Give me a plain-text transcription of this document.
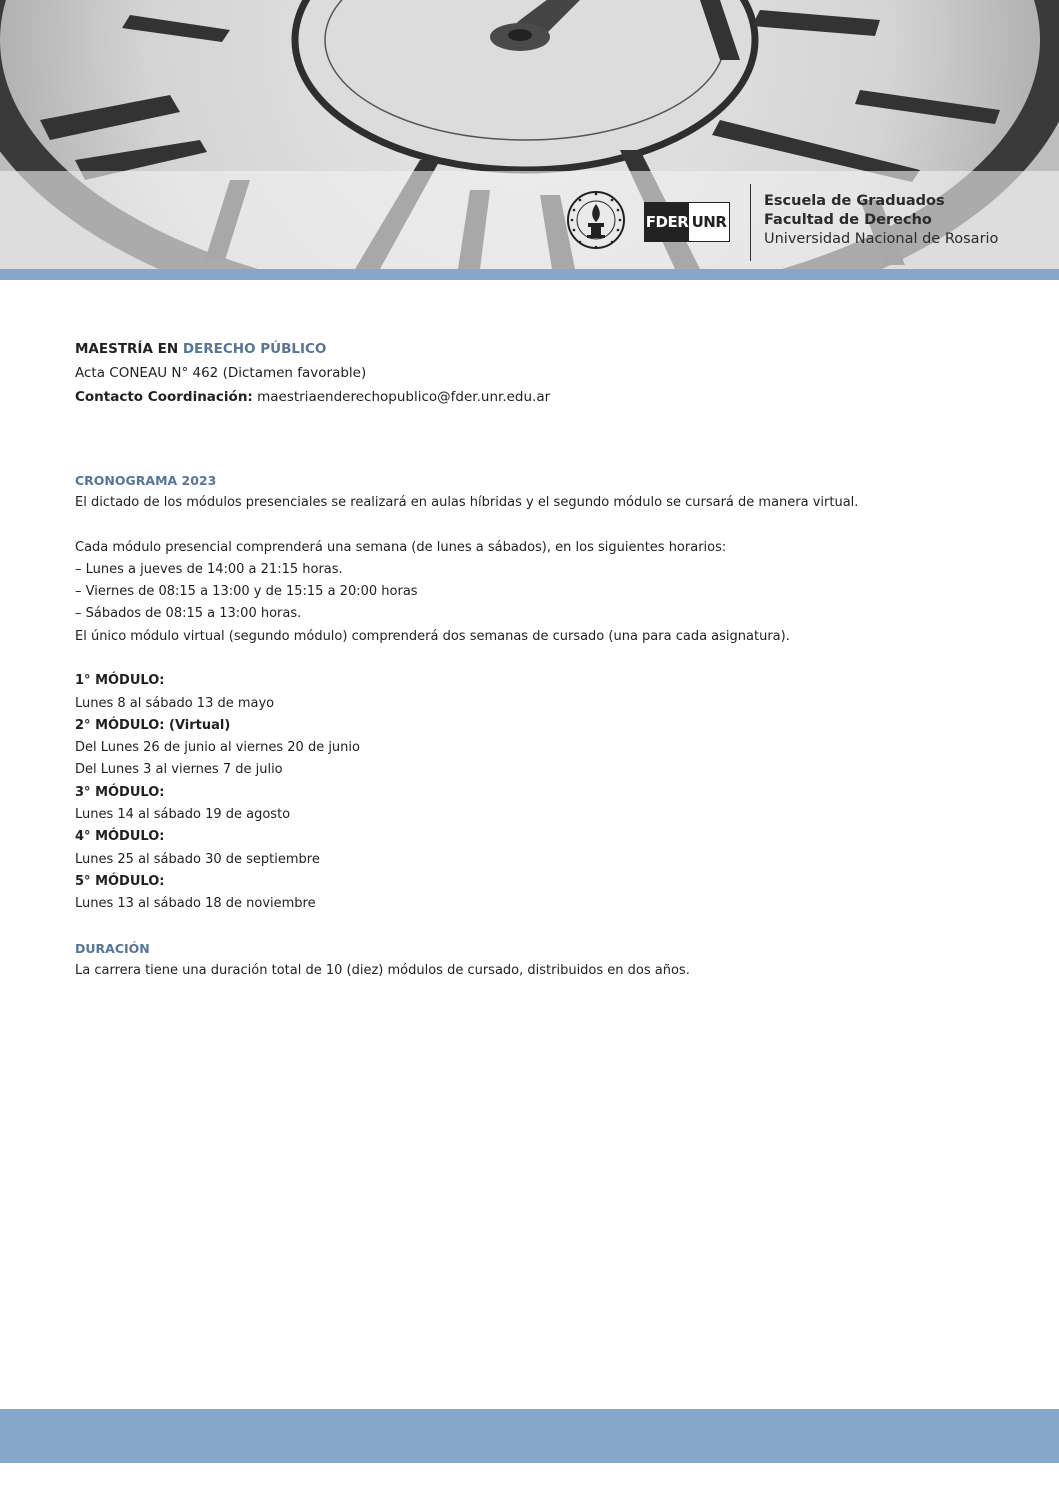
FDER UNR
Escuela de Graduados
Facultad de Derecho
Universidad Nacional de Rosario
MAESTRÍA EN DERECHO PÚBLICO
Acta CONEAU N° 462 (Dictamen favorable)
Contacto Coordinación: maestriaenderechopublico@fder.unr.edu.ar
CRONOGRAMA 2023
El dictado de los módulos presenciales se realizará en aulas híbridas y el segundo módulo se cursará de manera virtual.
Cada módulo presencial comprenderá una semana (de lunes a sábados), en los siguientes horarios:
– Lunes a jueves de 14:00 a 21:15 horas.
– Viernes de 08:15 a 13:00 y de 15:15 a 20:00 horas
– Sábados de 08:15 a 13:00 horas.
El único módulo virtual (segundo módulo) comprenderá dos semanas de cursado (una para cada asignatura).
1° MÓDULO:
Lunes 8 al sábado 13 de mayo
2° MÓDULO: (Virtual)
Del Lunes 26 de junio al viernes 20 de junio
Del Lunes 3 al viernes 7 de julio
3° MÓDULO:
Lunes 14 al sábado 19 de agosto
4° MÓDULO:
Lunes 25 al sábado 30 de septiembre
5° MÓDULO:
Lunes 13 al sábado 18 de noviembre
DURACIÓN
La carrera tiene una duración total de 10 (diez) módulos de cursado, distribuidos en dos años.
